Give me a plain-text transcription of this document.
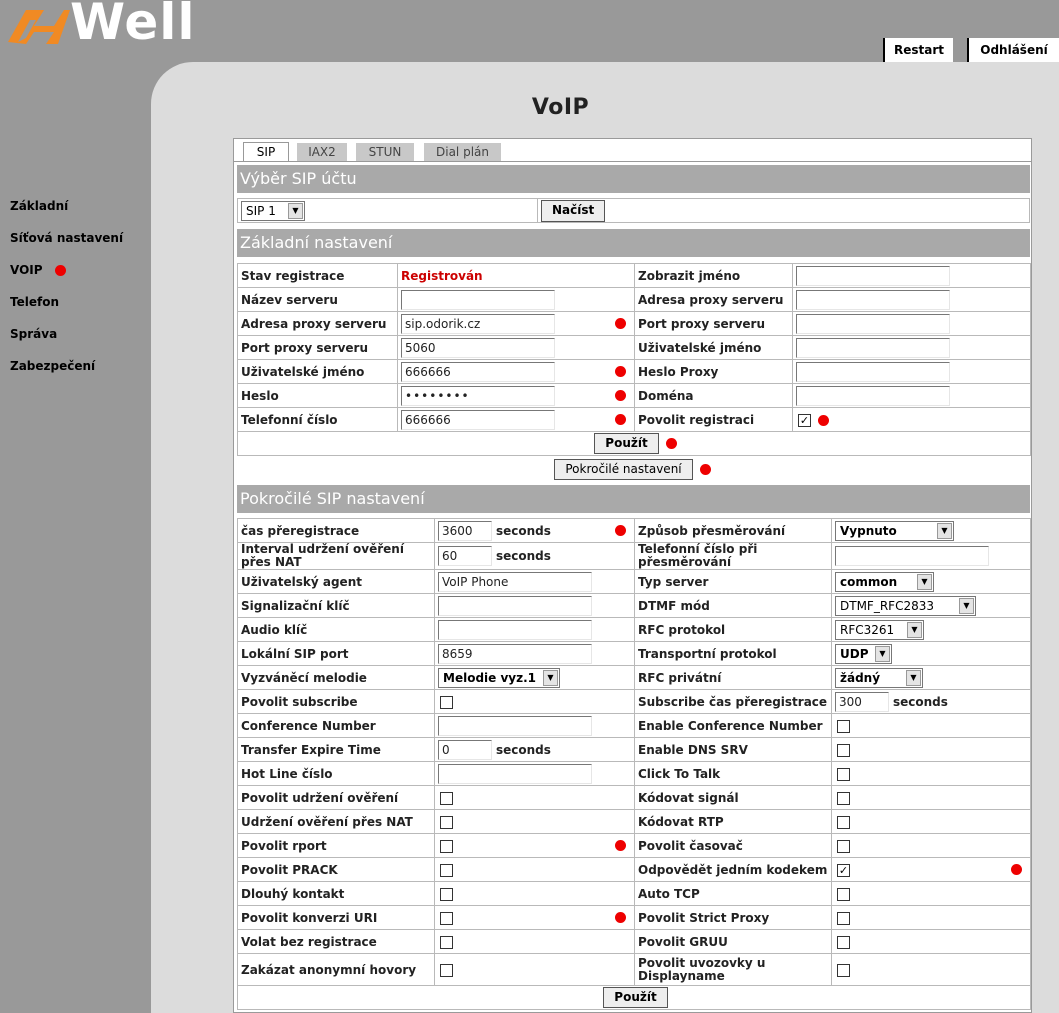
Well	Restart	Odhlášení
Základní
Síťová nastavení
VOIP
Telefon
Správa
Zabezpečení
VoIP
SIP	IAX2	STUN	Dial plán
Výběr SIP účtu
SIP 1	▼	Načíst
Základní nastavení
Stav registrace	Registrován	Zobrazit jméno	
Název serveru		Adresa proxy serveru	
Adresa proxy serveru	sip.odorik.cz	Port proxy serveru	
Port proxy serveru	5060	Uživatelské jméno	
Uživatelské jméno	666666	Heslo Proxy	
Heslo	••••••••	Doména	
Telefonní číslo	666666	Povolit registraci	✓
Použít			
Pokročilé nastavení
Pokročilé SIP nastavení
čas přeregistrace	3600seconds	Způsob přesměrování	Vypnuto ▼

Interval udržení ověření přes NAT	60seconds	Telefonní číslo při přesměrování	
Uživatelský agent	VoIP Phone	Typ server	common ▼

Signalizační klíč		DTMF mód	DTMF_RFC2833 ▼

Audio klíč		RFC protokol	RFC3261 ▼

Lokální SIP port	8659	Transportní protokol	UDP ▼

Vyzváněcí melodie	Melodie vyz.1 ▼	RFC privátní	žádný ▼

Povolit subscribe		Subscribe čas přeregistrace	300seconds
Conference Number		Enable Conference Number	
Transfer Expire Time	0seconds	Enable DNS SRV	
Hot Line číslo		Click To Talk	
Povolit udržení ověření		Kódovat signál	
Udržení ověření přes NAT		Kódovat RTP	
Povolit rport		Povolit časovač	
Povolit PRACK		Odpovědět jedním kodekem	✓

Dlouhý kontakt		Auto TCP	
Povolit konverzi URI		Povolit Strict Proxy	
Volat bez registrace		Povolit GRUU	
Zakázat anonymní hovory		Povolit uvozovky u Displayname	
Použít			
